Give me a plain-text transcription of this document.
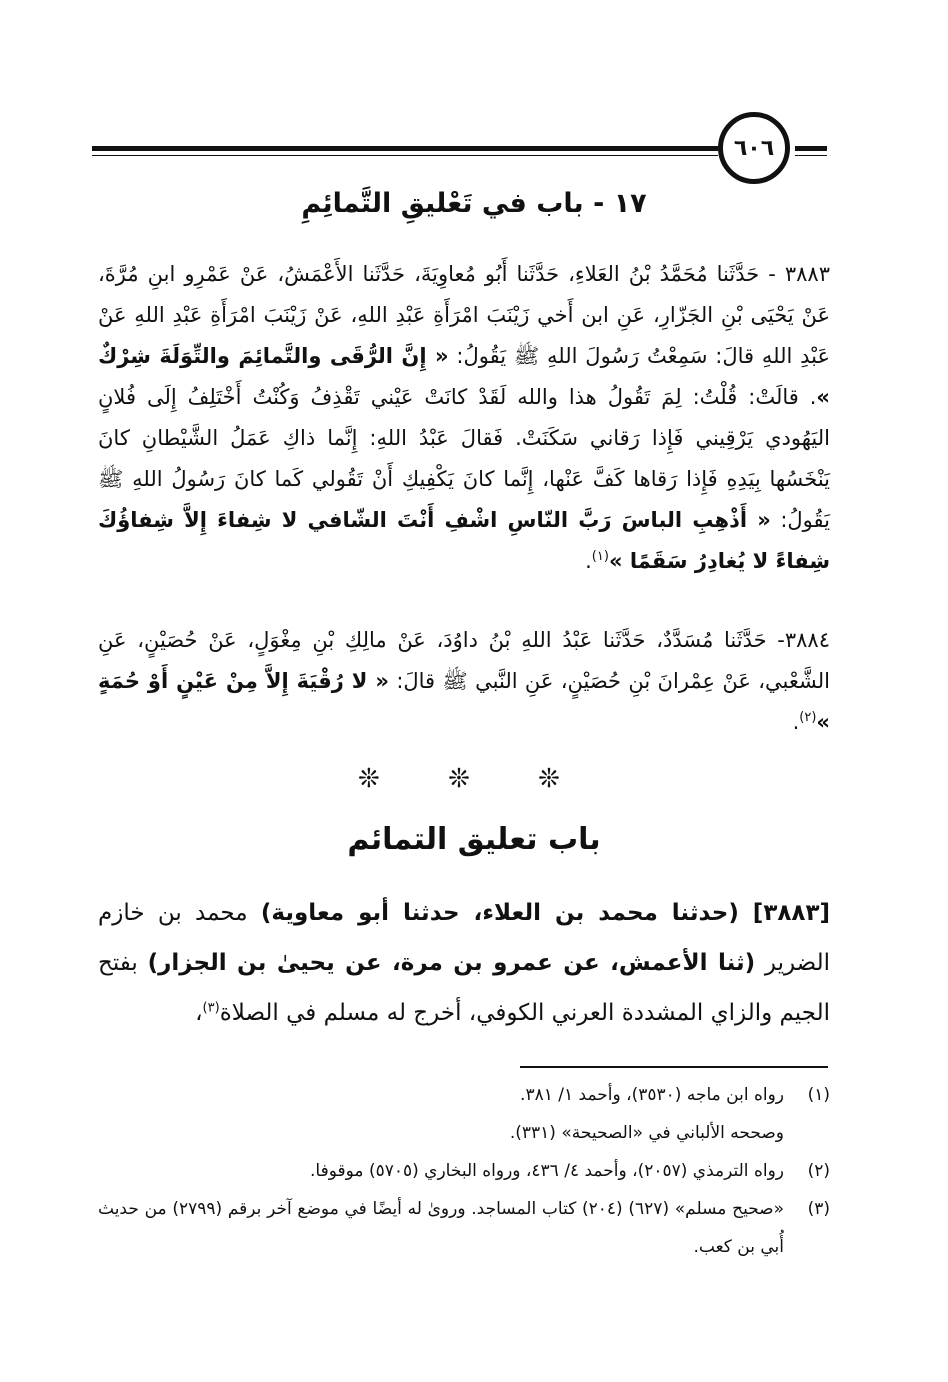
٦٠٦
١٧ - باب في تَعْليقِ التَّمائِمِ
٣٨٨٣ - حَدَّثَنا مُحَمَّدُ بْنُ العَلاءِ، حَدَّثَنا أَبُو مُعاوِيَةَ، حَدَّثَنا الأَعْمَشُ، عَنْ عَمْرِو ابنِ مُرَّةَ، عَنْ يَحْيَى بْنِ الجَزّارِ، عَنِ ابن أَخي زَيْنَبَ امْرَأَةِ عَبْدِ اللهِ، عَنْ زَيْنَبَ امْرَأَةِ عَبْدِ اللهِ عَنْ عَبْدِ اللهِ قالَ: سَمِعْتُ رَسُولَ اللهِ ﷺ يَقُولُ: « إِنَّ الرُّقَى والتَّمائِمَ والتِّوَلَةَ شِرْكٌ ». قالَتْ: قُلْتُ: لِمَ تَقُولُ هذا والله لَقَدْ كانَتْ عَيْني تَقْذِفُ وَكُنْتُ أَخْتَلِفُ إِلَى فُلانٍ اليَهُودي يَرْقِيني فَإِذا رَقاني سَكَنَتْ. فَقالَ عَبْدُ اللهِ: إِنَّما ذاكِ عَمَلُ الشَّيْطانِ كانَ يَنْخَسُها بِيَدِهِ فَإِذا رَقاها كَفَّ عَنْها، إِنَّما كانَ يَكْفِيكِ أَنْ تَقُولي كَما كانَ رَسُولُ اللهِ ﷺ يَقُولُ: « أَذْهِبِ الباسَ رَبَّ النّاسِ اشْفِ أَنْتَ الشّافي لا شِفاءَ إِلاَّ شِفاؤُكَ شِفاءً لا يُغادِرُ سَقَمًا »$^{(١)}$.
٣٨٨٤- حَدَّثَنا مُسَدَّدٌ، حَدَّثَنا عَبْدُ اللهِ بْنُ داوُدَ، عَنْ مالِكِ بْنِ مِغْوَلٍ، عَنْ حُصَيْنٍ، عَنِ الشَّعْبي، عَنْ عِمْرانَ بْنِ حُصَيْنٍ، عَنِ النَّبي ﷺ قالَ: « لا رُقْيَةَ إِلاَّ مِنْ عَيْنٍ أَوْ حُمَةٍ »$^{(٢)}$.
❊ ❊ ❊
باب تعليق التمائم
[٣٨٨٣] (حدثنا محمد بن العلاء، حدثنا أبو معاوية) محمد بن خازم الضرير (ثنا الأعمش، عن عمرو بن مرة، عن يحيىٰ بن الجزار) بفتح الجيم والزاي المشددة العرني الكوفي، أخرج له مسلم في الصلاة$^{(٣)}$،
(١)
رواه ابن ماجه (٣٥٣٠)، وأحمد ١/ ٣٨١.
وصححه الألباني في «الصحيحة» (٣٣١).
(٢)
رواه الترمذي (٢٠٥٧)، وأحمد ٤/ ٤٣٦، ورواه البخاري (٥٧٠٥) موقوفا.
(٣)
«صحيح مسلم» (٦٢٧) (٢٠٤) كتاب المساجد. وروىٰ له أيضًا في موضع آخر برقم (٢٧٩٩) من حديث أُبي بن كعب.
